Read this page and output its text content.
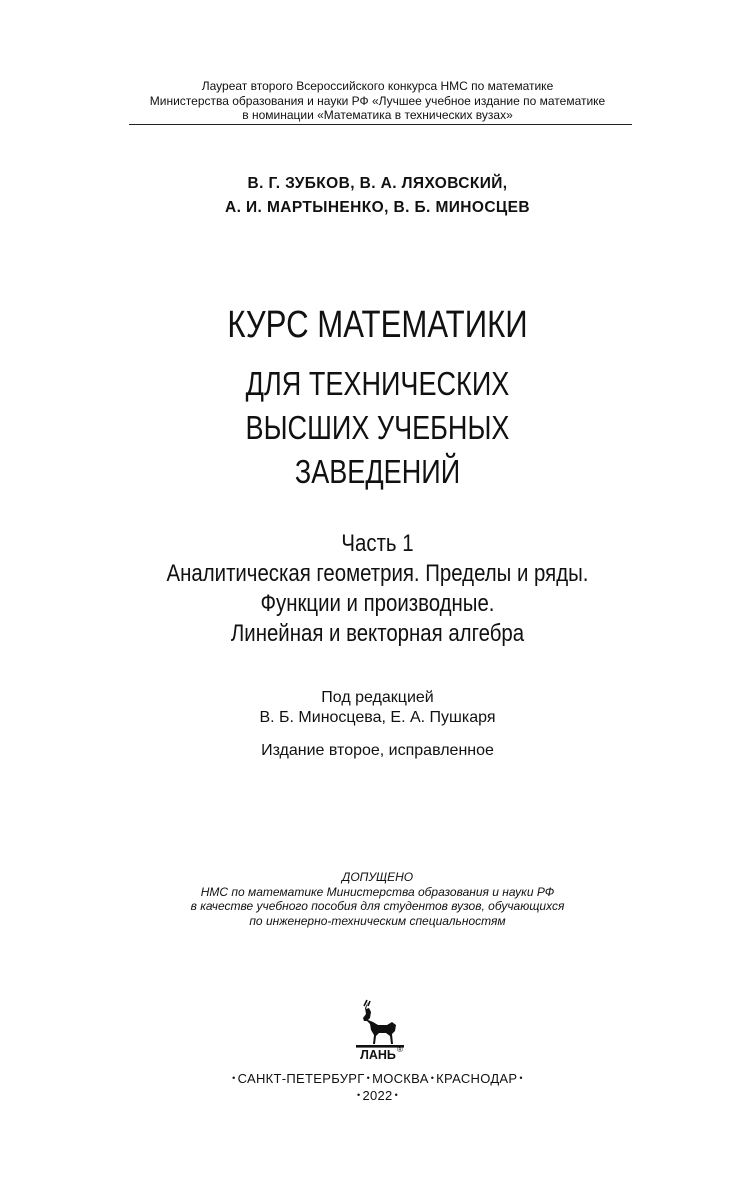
Лауреат второго Всероссийского конкурса НМС по математике
Министерства образования и науки РФ «Лучшее учебное издание по математике
в номинации «Математика в технических вузах»
В. Г. ЗУБКОВ, В. А. ЛЯХОВСКИЙ,
А. И. МАРТЫНЕНКО, В. Б. МИНОСЦЕВ
КУРС МАТЕМАТИКИ
ДЛЯ ТЕХНИЧЕСКИХ
ВЫСШИХ УЧЕБНЫХ
ЗАВЕДЕНИЙ
Часть 1
Аналитическая геометрия. Пределы и ряды.
Функции и производные.
Линейная и векторная алгебра
Под редакцией
В. Б. Миносцева, Е. А. Пушкаря
Издание второе, исправленное
ДОПУЩЕНО
НМС по математике Министерства образования и науки РФ
в качестве учебного пособия для студентов вузов, обучающихся
по инженерно-техническим специальностям
ЛАНЬ ®
• САНКТ-ПЕТЕРБУРГ • МОСКВА • КРАСНОДАР •
• 2022 •
